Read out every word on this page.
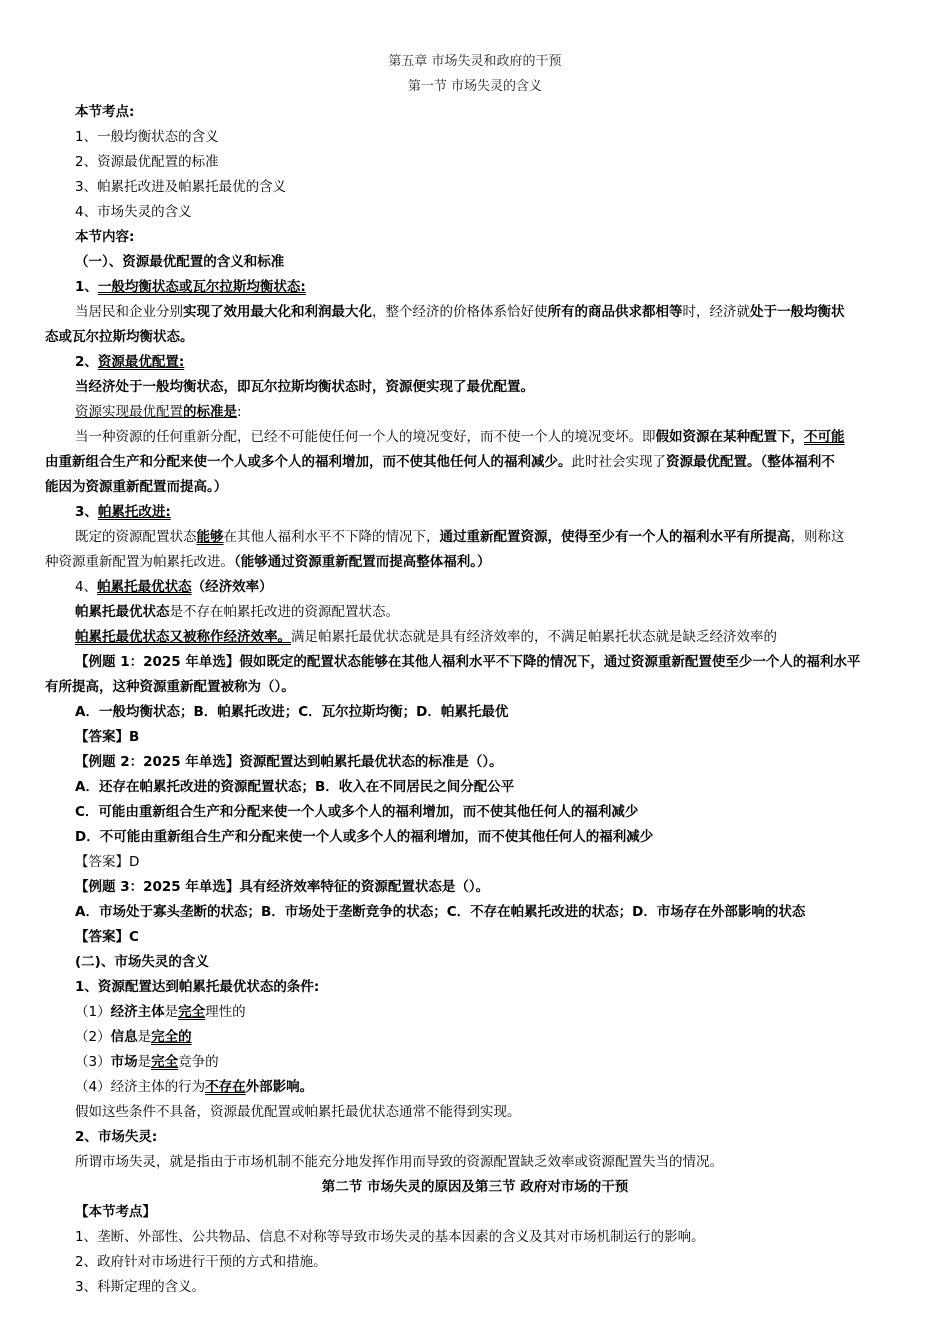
第五章 市场失灵和政府的干预
第一节 市场失灵的含义
本节考点:
1、一般均衡状态的含义
2、资源最优配置的标准
3、帕累托改进及帕累托最优的含义
4、市场失灵的含义
本节内容:
（一）、资源最优配置的含义和标准
1、一般均衡状态或瓦尔拉斯均衡状态:
当居民和企业分别实现了效用最大化和利润最大化，整个经济的价格体系恰好使所有的商品供求都相等时，经济就处于一般均衡状
态或瓦尔拉斯均衡状态。
2、资源最优配置:
当经济处于一般均衡状态，即瓦尔拉斯均衡状态时，资源便实现了最优配置。
资源实现最优配置的标准是:
当一种资源的任何重新分配，已经不可能使任何一个人的境况变好，而不使一个人的境况变坏。即假如资源在某种配置下，不可能
由重新组合生产和分配来使一个人或多个人的福利增加，而不使其他任何人的福利减少。此时社会实现了资源最优配置。（整体福利不
能因为资源重新配置而提高。）
3、帕累托改进:
既定的资源配置状态能够在其他人福利水平不下降的情况下，通过重新配置资源，使得至少有一个人的福利水平有所提高，则称这
种资源重新配置为帕累托改进。（能够通过资源重新配置而提高整体福利。）
4、帕累托最优状态（经济效率）
帕累托最优状态是不存在帕累托改进的资源配置状态。
帕累托最优状态又被称作经济效率。满足帕累托最优状态就是具有经济效率的，不满足帕累托状态就是缺乏经济效率的
【例题 1：2025 年单选】假如既定的配置状态能够在其他人福利水平不下降的情况下，通过资源重新配置使至少一个人的福利水平
有所提高，这种资源重新配置被称为（）。
A．一般均衡状态；B．帕累托改进；C．瓦尔拉斯均衡；D．帕累托最优
【答案】B
【例题 2：2025 年单选】资源配置达到帕累托最优状态的标准是（）。
A．还存在帕累托改进的资源配置状态；B．收入在不同居民之间分配公平
C．可能由重新组合生产和分配来使一个人或多个人的福利增加，而不使其他任何人的福利减少
D．不可能由重新组合生产和分配来使一个人或多个人的福利增加，而不使其他任何人的福利减少
【答案】D
【例题 3：2025 年单选】具有经济效率特征的资源配置状态是（）。
A．市场处于寡头垄断的状态；B．市场处于垄断竞争的状态；C．不存在帕累托改进的状态；D．市场存在外部影响的状态
【答案】C
(二)、市场失灵的含义
1、资源配置达到帕累托最优状态的条件:
（1）经济主体是完全理性的
（2）信息是完全的
（3）市场是完全竞争的
（4）经济主体的行为不存在外部影响。
假如这些条件不具备，资源最优配置或帕累托最优状态通常不能得到实现。
2、市场失灵:
所谓市场失灵，就是指由于市场机制不能充分地发挥作用而导致的资源配置缺乏效率或资源配置失当的情况。
第二节 市场失灵的原因及第三节 政府对市场的干预
【本节考点】
1、垄断、外部性、公共物品、信息不对称等导致市场失灵的基本因素的含义及其对市场机制运行的影响。
2、政府针对市场进行干预的方式和措施。
3、科斯定理的含义。
